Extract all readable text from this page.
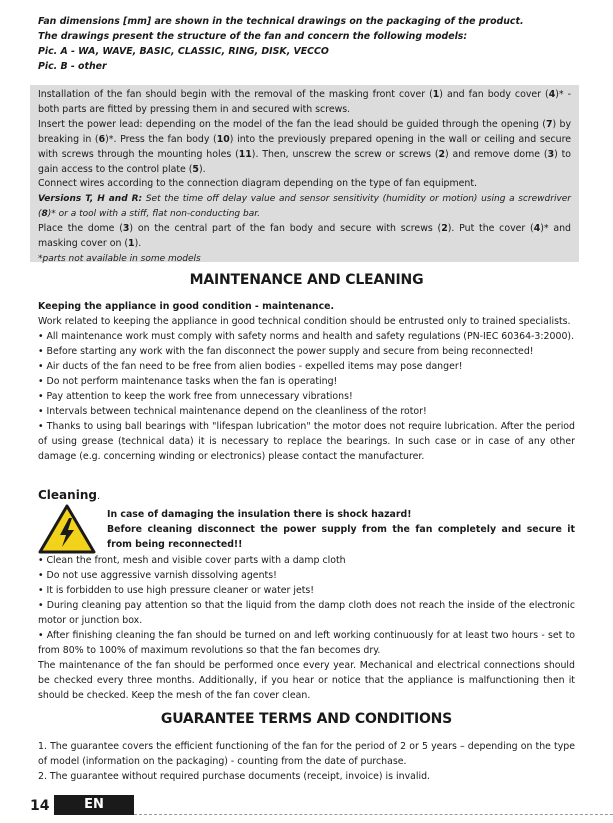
Fan dimensions [mm] are shown in the technical drawings on the packaging of the product.

The drawings present the structure of the fan and concern the following models:

Pic. A - WA, WAVE, BASIC, CLASSIC, RING, DISK, VECCO

Pic. B - other

Installation of the fan should begin with the removal of the masking front cover (1) and fan body cover (4)* - both parts are fitted by pressing them in and secured with screws.

Insert the power lead: depending on the model of the fan the lead should be guided through the opening (7) by breaking in (6)*. Press the fan body (10) into the previously prepared opening in the wall or ceiling and secure with screws through the mounting holes (11). Then, unscrew the screw or screws (2) and remove dome (3) to gain access to the control plate (5).

Connect wires according to the connection diagram depending on the type of fan equipment.

Versions T, H and R: Set the time off delay value and sensor sensitivity (humidity or motion) using a screwdriver (8)* or a tool with a stiff, flat non-conducting bar.

Place the dome (3) on the central part of the fan body and secure with screws (2). Put the cover (4)* and masking cover on (1).

*parts not available in some models

MAINTENANCE AND CLEANING

Keeping the appliance in good condition - maintenance.

Work related to keeping the appliance in good technical condition should be entrusted only to trained specialists.

• All maintenance work must comply with safety norms and health and safety regulations (PN-IEC 60364-3:2000).

• Before starting any work with the fan disconnect the power supply and secure from being reconnected!

• Air ducts of the fan need to be free from alien bodies - expelled items may pose danger!

• Do not perform maintenance tasks when the fan is operating!

• Pay attention to keep the work free from unnecessary vibrations!

• Intervals between technical maintenance depend on the cleanliness of the rotor!

• Thanks to using ball bearings with "lifespan lubrication" the motor does not require lubrication. After the period of using grease (technical data) it is necessary to replace the bearings. In such case or in case of any other damage (e.g. concerning winding or electronics) please contact the manufacturer.

Cleaning.

In case of damaging the insulation there is shock hazard!

Before cleaning disconnect the power supply from the fan completely and secure it from being reconnected!!

• Clean the front, mesh and visible cover parts with a damp cloth

• Do not use aggressive varnish dissolving agents!

• It is forbidden to use high pressure cleaner or water jets!

• During cleaning pay attention so that the liquid from the damp cloth does not reach the inside of the electronic motor or junction box.

• After finishing cleaning the fan should be turned on and left working continuously for at least two hours - set to from 80% to 100% of maximum revolutions so that the fan becomes dry.

The maintenance of the fan should be performed once every year. Mechanical and electrical connections should be checked every three months. Additionally, if you hear or notice that the appliance is malfunctioning then it should be checked. Keep the mesh of the fan cover clean.

GUARANTEE TERMS AND CONDITIONS

1. The guarantee covers the efficient functioning of the fan for the period of 2 or 5 years – depending on the type of model (information on the packaging) - counting from the date of purchase.

2. The guarantee without required purchase documents (receipt, invoice) is invalid.

14	EN
